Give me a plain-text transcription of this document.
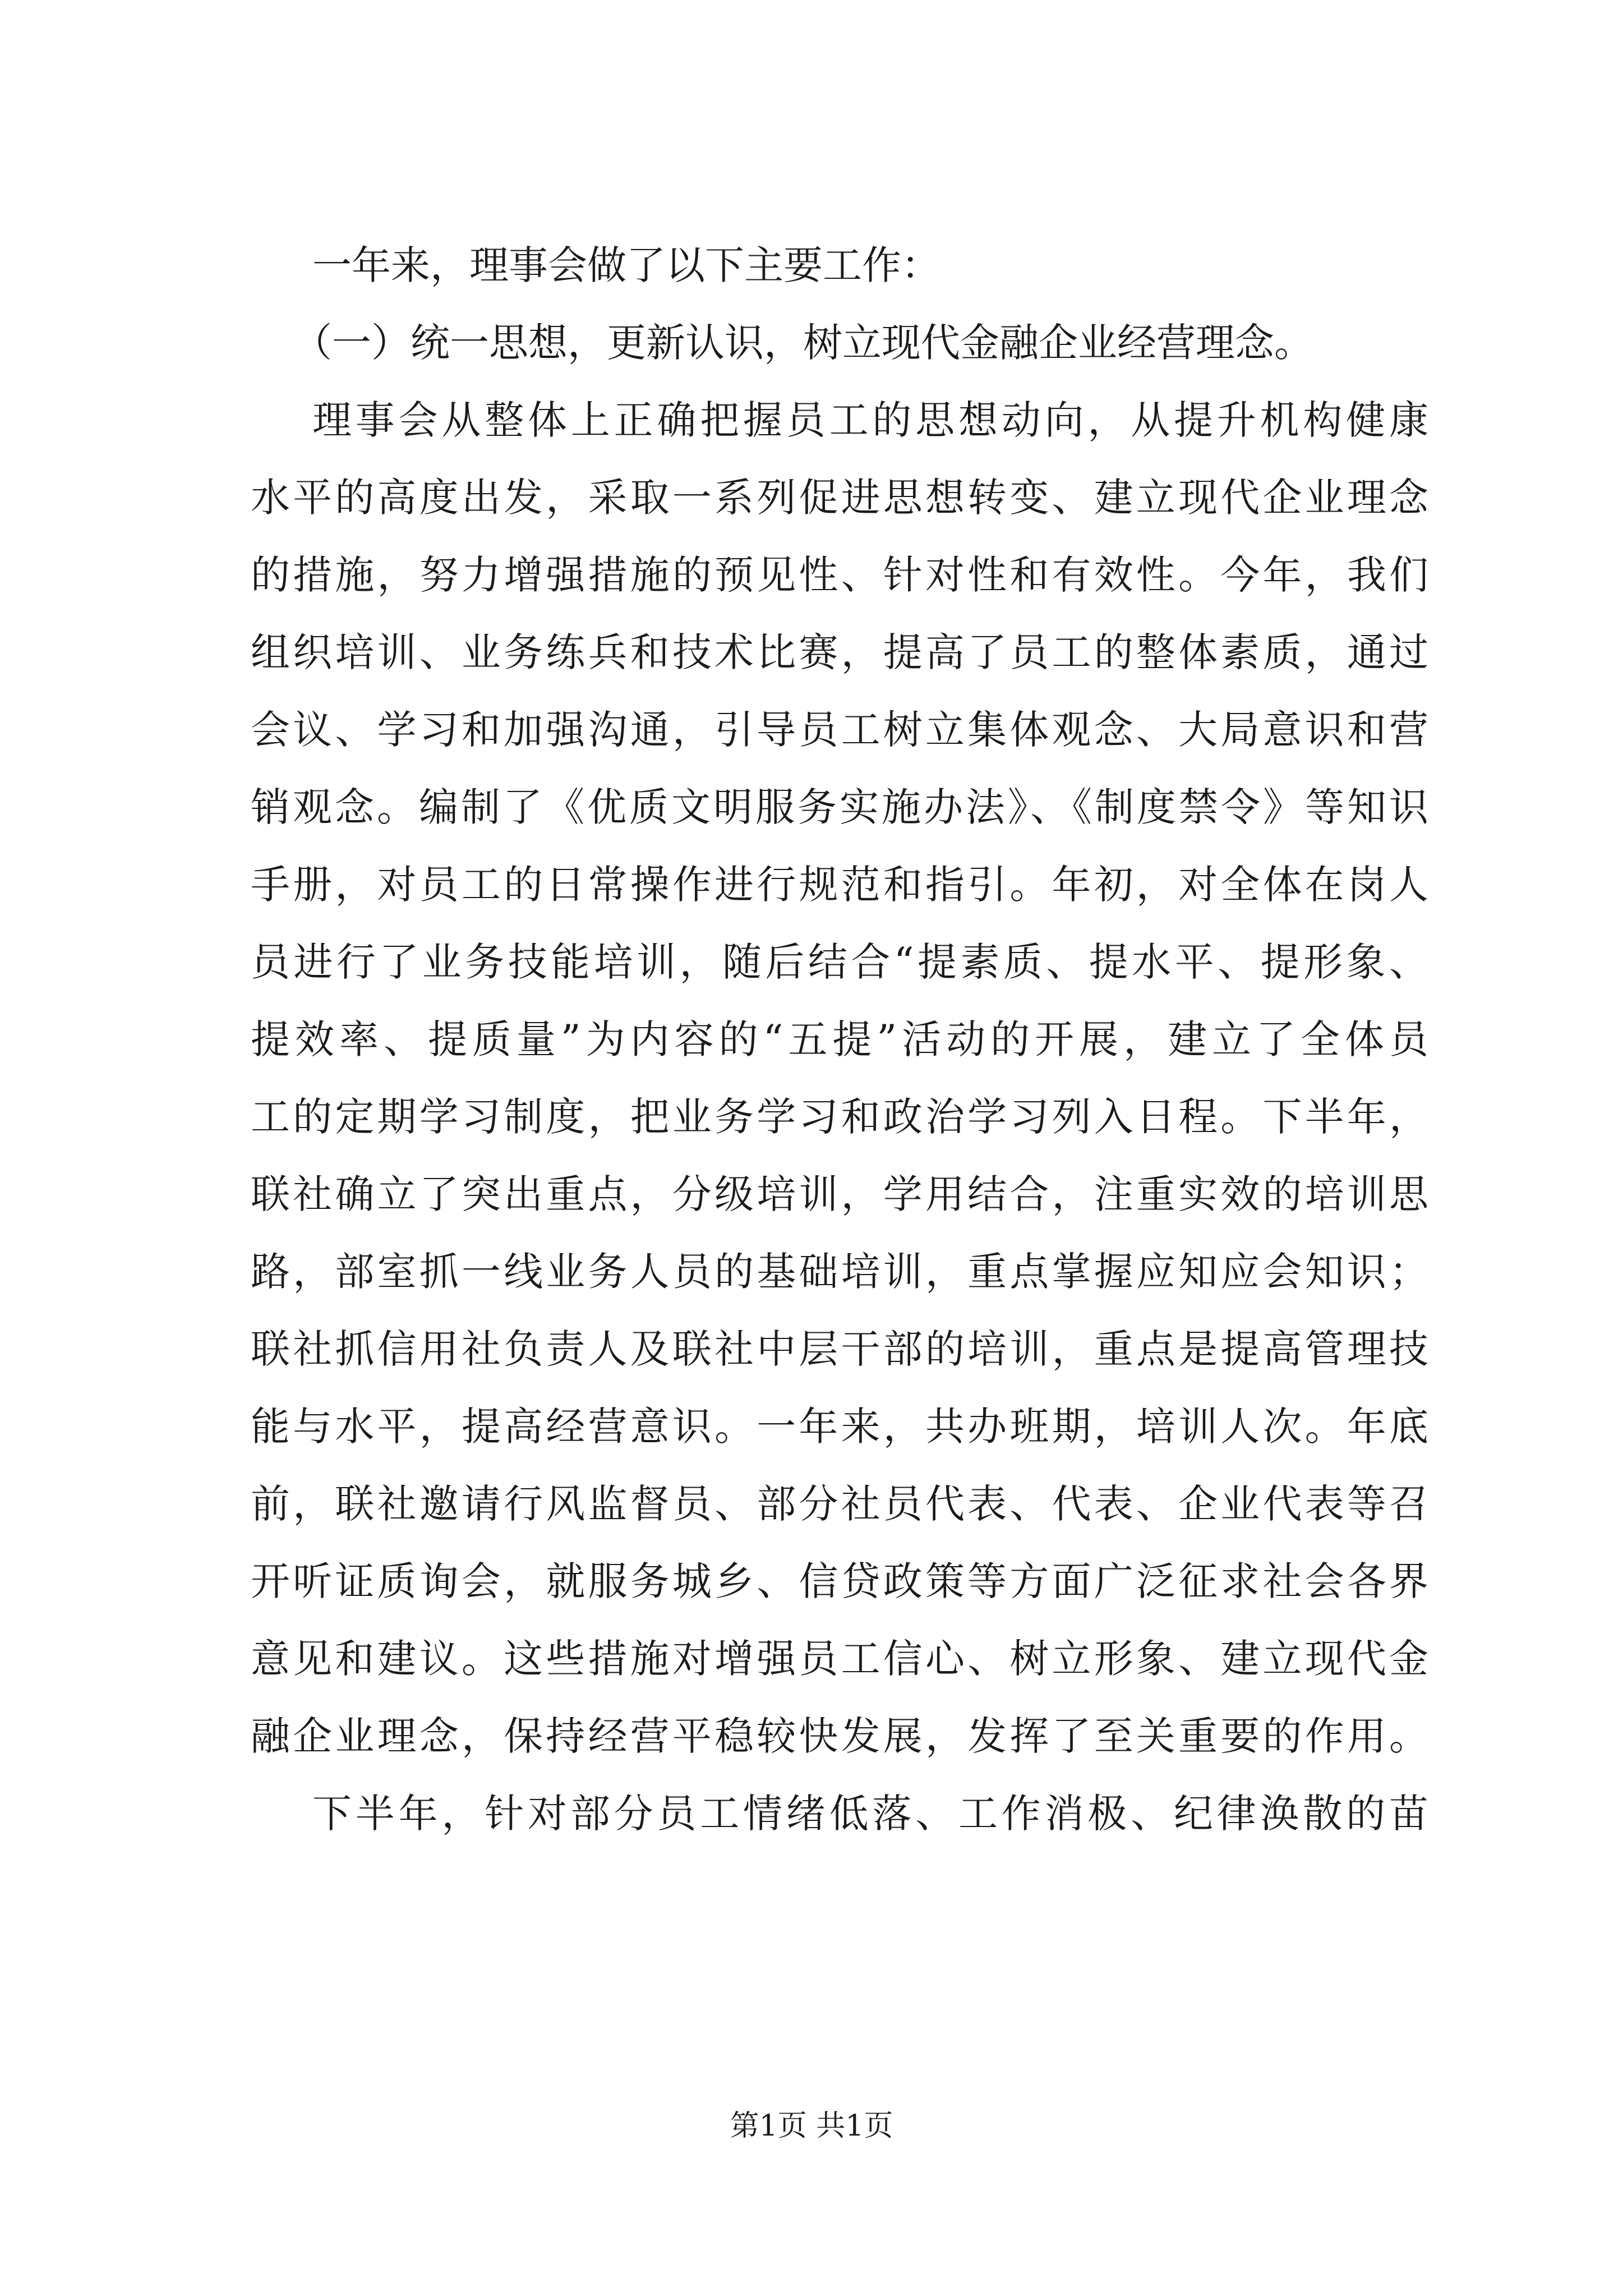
一年来，理事会做了以下主要工作：
（一）统一思想，更新认识，树立现代金融企业经营理念。
理事会从整体上正确把握员工的思想动向，从提升机构健康
水平的高度出发，采取一系列促进思想转变、建立现代企业理念
的措施，努力增强措施的预见性、针对性和有效性。今年，我们
组织培训、业务练兵和技术比赛，提高了员工的整体素质，通过
会议、学习和加强沟通，引导员工树立集体观念、大局意识和营
销观念。编制了《优质文明服务实施办法》、《制度禁令》等知识
手册，对员工的日常操作进行规范和指引。年初，对全体在岗人
员进行了业务技能培训，随后结合“提素质、提水平、提形象、
提效率、提质量”为内容的“五提”活动的开展，建立了全体员
工的定期学习制度，把业务学习和政治学习列入日程。下半年，
联社确立了突出重点，分级培训，学用结合，注重实效的培训思
路，部室抓一线业务人员的基础培训，重点掌握应知应会知识；
联社抓信用社负责人及联社中层干部的培训，重点是提高管理技
能与水平，提高经营意识。一年来，共办班期，培训人次。年底
前，联社邀请行风监督员、部分社员代表、代表、企业代表等召
开听证质询会，就服务城乡、信贷政策等方面广泛征求社会各界
意见和建议。这些措施对增强员工信心、树立形象、建立现代金
融企业理念，保持经营平稳较快发展，发挥了至关重要的作用。
下半年，针对部分员工情绪低落、工作消极、纪律涣散的苗
第1页 共1页
